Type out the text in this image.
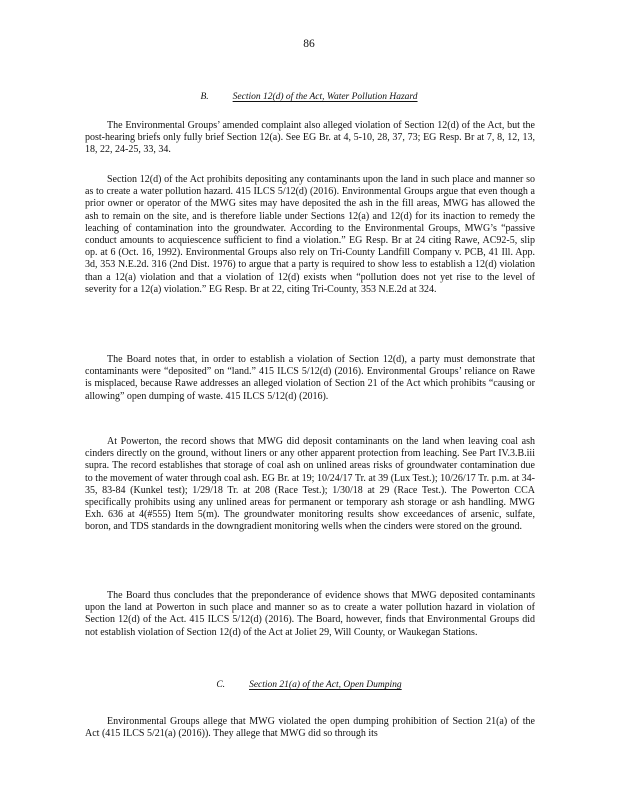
86
B.	Section 12(d) of the Act, Water Pollution Hazard

The Environmental Groups’ amended complaint also alleged violation of Section 12(d) of the Act, but the post-hearing briefs only fully brief Section 12(a). See EG Br. at 4, 5-10, 28, 37, 73; EG Resp. Br at 7, 8, 12, 13, 18, 22, 24-25, 33, 34.

Section 12(d) of the Act prohibits depositing any contaminants upon the land in such place and manner so as to create a water pollution hazard. 415 ILCS 5/12(d) (2016). Environmental Groups argue that even though a prior owner or operator of the MWG sites may have deposited the ash in the fill areas, MWG has allowed the ash to remain on the site, and is therefore liable under Sections 12(a) and 12(d) for its inaction to remedy the leaching of contamination into the groundwater. According to the Environmental Groups, MWG’s “passive conduct amounts to acquiescence sufficient to find a violation.” EG Resp. Br at 24 citing Rawe, AC92-5, slip op. at 6 (Oct. 16, 1992). Environmental Groups also rely on Tri-County Landfill Company v. PCB, 41 Ill. App. 3d, 353 N.E.2d. 316 (2nd Dist. 1976) to argue that a party is required to show less to establish a 12(d) violation than a 12(a) violation and that a violation of 12(d) exists when “pollution does not yet rise to the level of severity for a 12(a) violation.” EG Resp. Br at 22, citing Tri-County, 353 N.E.2d at 324.

The Board notes that, in order to establish a violation of Section 12(d), a party must demonstrate that contaminants were “deposited” on “land.” 415 ILCS 5/12(d) (2016). Environmental Groups’ reliance on Rawe is misplaced, because Rawe addresses an alleged violation of Section 21 of the Act which prohibits “causing or allowing” open dumping of waste. 415 ILCS 5/12(d) (2016).

At Powerton, the record shows that MWG did deposit contaminants on the land when leaving coal ash cinders directly on the ground, without liners or any other apparent protection from leaching. See Part IV.3.B.iii supra. The record establishes that storage of coal ash on unlined areas risks of groundwater contamination due to the movement of water through coal ash. EG Br. at 19; 10/24/17 Tr. at 39 (Lux Test.); 10/26/17 Tr. p.m. at 34-35, 83-84 (Kunkel test); 1/29/18 Tr. at 208 (Race Test.); 1/30/18 at 29 (Race Test.). The Powerton CCA specifically prohibits using any unlined areas for permanent or temporary ash storage or ash handling. MWG Exh. 636 at 4(#555) Item 5(m). The groundwater monitoring results show exceedances of arsenic, sulfate, boron, and TDS standards in the downgradient monitoring wells when the cinders were stored on the ground.

The Board thus concludes that the preponderance of evidence shows that MWG deposited contaminants upon the land at Powerton in such place and manner so as to create a water pollution hazard in violation of Section 12(d) of the Act. 415 ILCS 5/12(d) (2016). The Board, however, finds that Environmental Groups did not establish violation of Section 12(d) of the Act at Joliet 29, Will County, or Waukegan Stations.

C.	Section 21(a) of the Act, Open Dumping

Environmental Groups allege that MWG violated the open dumping prohibition of Section 21(a) of the Act (415 ILCS 5/21(a) (2016)). They allege that MWG did so through its
